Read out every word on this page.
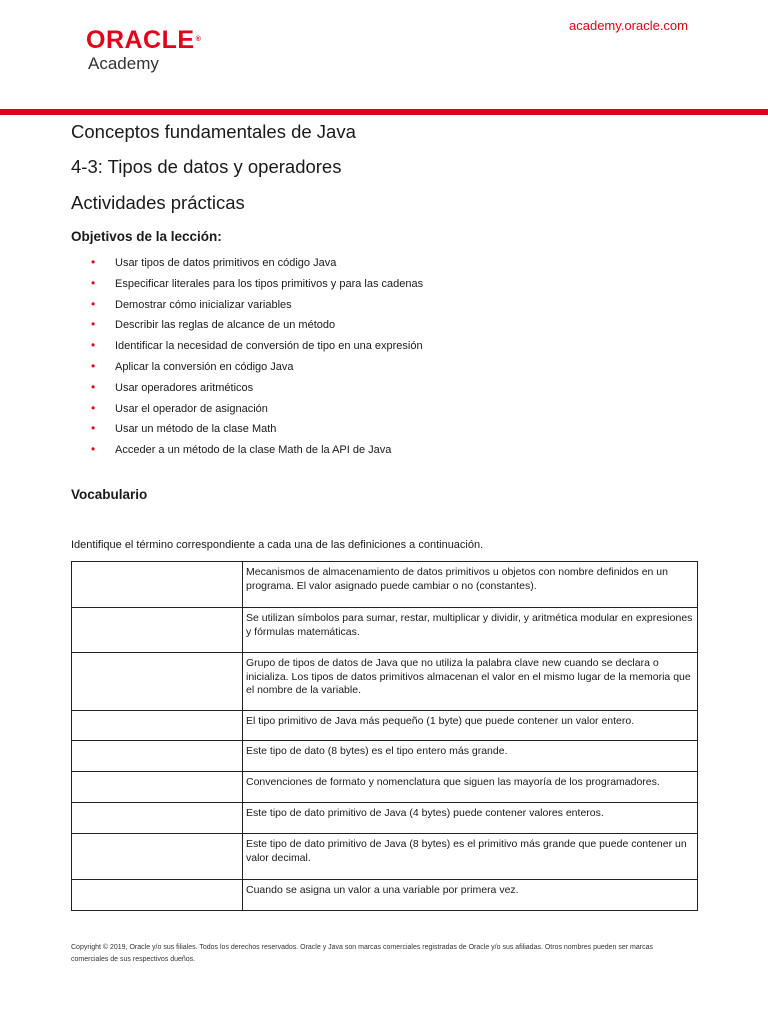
ORACLE®
Academy
academy.oracle.com
Conceptos fundamentales de Java
4-3: Tipos de datos y operadores
Actividades prácticas
Objetivos de la lección:
• Usar tipos de datos primitivos en código Java
• Especificar literales para los tipos primitivos y para las cadenas
• Demostrar cómo inicializar variables
• Describir las reglas de alcance de un método
• Identificar la necesidad de conversión de tipo en una expresión
• Aplicar la conversión en código Java
• Usar operadores aritméticos
• Usar el operador de asignación
• Usar un método de la clase Math
• Acceder a un método de la clase Math de la API de Java
Vocabulario

Identifique el término correspondiente a cada una de las definiciones a continuación.

	Mecanismos de almacenamiento de datos primitivos u objetos con nombre definidos en un programa. El valor asignado puede cambiar o no (constantes).
	Se utilizan símbolos para sumar, restar, multiplicar y dividir, y aritmética modular en expresiones y fórmulas matemáticas.
	Grupo de tipos de datos de Java que no utiliza la palabra clave new cuando se declara o inicializa. Los tipos de datos primitivos almacenan el valor en el mismo lugar de la memoria que el nombre de la variable.
	El tipo primitivo de Java más pequeño (1 byte) que puede contener un valor entero.
	Este tipo de dato (8 bytes) es el tipo entero más grande.
	Convenciones de formato y nomenclatura que siguen las mayoría de los programadores.
	Este tipo de dato primitivo de Java (4 bytes) puede contener valores enteros.
	Este tipo de dato primitivo de Java (8 bytes) es el primitivo más grande que puede contener un valor decimal.
	Cuando se asigna un valor a una variable por primera vez.

Copyright © 2019, Oracle y/o sus filiales. Todos los derechos reservados. Oracle y Java son marcas comerciales registradas de Oracle y/o sus afiliadas. Otros nombres pueden ser marcas comerciales de sus respectivos dueños.
